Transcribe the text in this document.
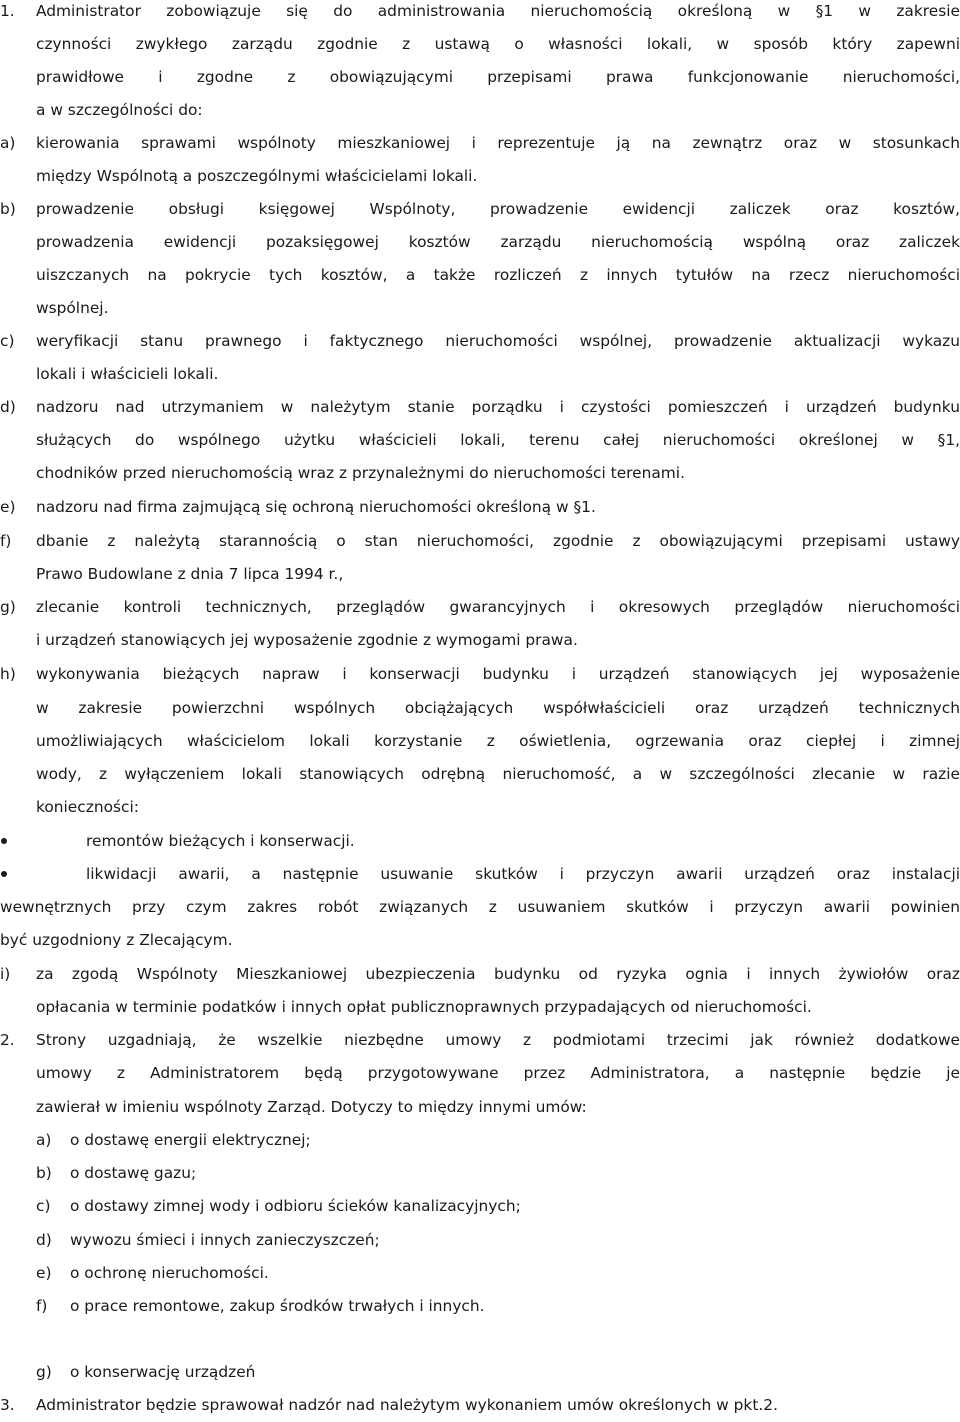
1. Administrator zobowiązuje się do administrowania nieruchomością określoną w §1 w zakresie
czynności zwykłego zarządu zgodnie z ustawą o własności lokali, w sposób który zapewni
prawidłowe i zgodne z obowiązującymi przepisami prawa funkcjonowanie nieruchomości,
a w szczególności do:
a) kierowania sprawami wspólnoty mieszkaniowej i reprezentuje ją na zewnątrz oraz w stosunkach
między Wspólnotą a poszczególnymi właścicielami lokali.
b) prowadzenie obsługi księgowej Wspólnoty, prowadzenie ewidencji zaliczek oraz kosztów,
prowadzenia ewidencji pozaksięgowej kosztów zarządu nieruchomością wspólną oraz zaliczek
uiszczanych na pokrycie tych kosztów, a także rozliczeń z innych tytułów na rzecz nieruchomości
wspólnej.
c) weryfikacji stanu prawnego i faktycznego nieruchomości wspólnej, prowadzenie aktualizacji wykazu
lokali i właścicieli lokali.
d) nadzoru nad utrzymaniem w należytym stanie porządku i czystości pomieszczeń i urządzeń budynku
służących do wspólnego użytku właścicieli lokali, terenu całej nieruchomości określonej w §1,
chodników przed nieruchomością wraz z przynależnymi do nieruchomości terenami.
e) nadzoru nad firma zajmującą się ochroną nieruchomości określoną w §1.
f) dbanie z należytą starannością o stan nieruchomości, zgodnie z obowiązującymi przepisami ustawy
Prawo Budowlane z dnia 7 lipca 1994 r.,
g) zlecanie kontroli technicznych, przeglądów gwarancyjnych i okresowych przeglądów nieruchomości
i urządzeń stanowiących jej wyposażenie zgodnie z wymogami prawa.
h) wykonywania bieżących napraw i konserwacji budynku i urządzeń stanowiących jej wyposażenie
w zakresie powierzchni wspólnych obciążających współwłaścicieli oraz urządzeń technicznych
umożliwiających właścicielom lokali korzystanie z oświetlenia, ogrzewania oraz ciepłej i zimnej
wody, z wyłączeniem lokali stanowiących odrębną nieruchomość, a w szczególności zlecanie w razie
konieczności:
remontów bieżących i konserwacji.
likwidacji awarii, a następnie usuwanie skutków i przyczyn awarii urządzeń oraz instalacji
wewnętrznych przy czym zakres robót związanych z usuwaniem skutków i przyczyn awarii powinien
być uzgodniony z Zlecającym.
i) za zgodą Wspólnoty Mieszkaniowej ubezpieczenia budynku od ryzyka ognia i innych żywiołów oraz
opłacania w terminie podatków i innych opłat publicznoprawnych przypadających od nieruchomości.
2. Strony uzgadniają, że wszelkie niezbędne umowy z podmiotami trzecimi jak również dodatkowe
umowy z Administratorem będą przygotowywane przez Administratora, a następnie będzie je
zawierał w imieniu wspólnoty Zarząd. Dotyczy to między innymi umów:
a) o dostawę energii elektrycznej;
b) o dostawę gazu;
c) o dostawy zimnej wody i odbioru ścieków kanalizacyjnych;
d) wywozu śmieci i innych zanieczyszczeń;
e) o ochronę nieruchomości.
f) o prace remontowe, zakup środków trwałych i innych.
g) o konserwację urządzeń
3. Administrator będzie sprawował nadzór nad należytym wykonaniem umów określonych w pkt.2.
